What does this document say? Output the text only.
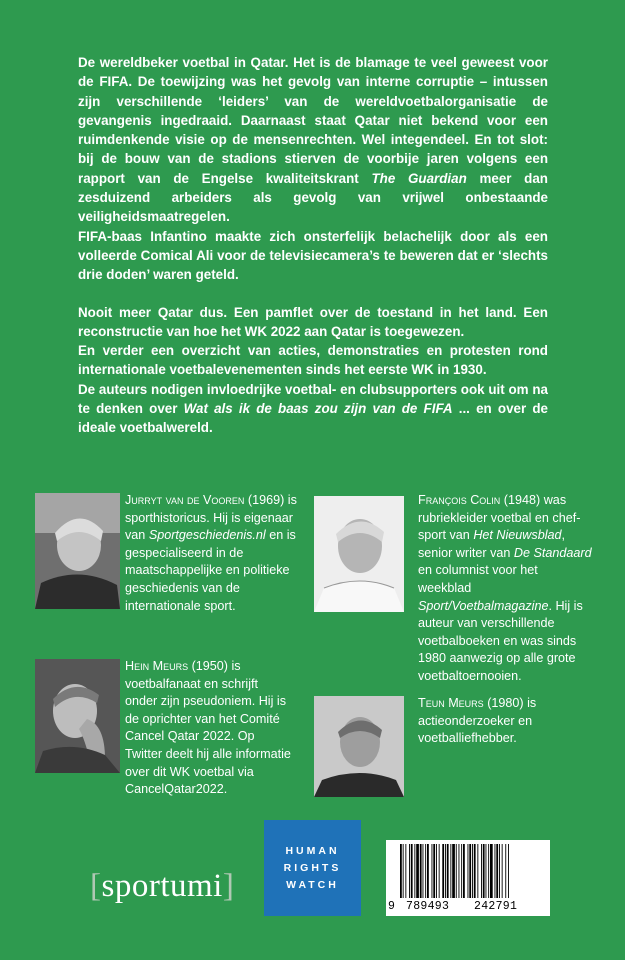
De wereldbeker voetbal in Qatar. Het is de blamage te veel geweest voor de FIFA. De toewijzing was het gevolg van interne corruptie – intussen zijn verschillende ‘leiders’ van de wereldvoetbalorganisatie de gevangenis ingedraaid. Daarnaast staat Qatar niet bekend voor een ruimdenkende visie op de mensenrechten. Wel integendeel. En tot slot: bij de bouw van de stadions stierven de voorbije jaren volgens een rapport van de Engelse kwaliteitskrant The Guardian meer dan zesduizend arbeiders als gevolg van vrijwel onbestaande veiligheidsmaatregelen.

FIFA-baas Infantino maakte zich onsterfelijk belachelijk door als een volleerde Comical Ali voor de televisiecamera’s te beweren dat er ‘slechts drie doden’ waren geteld.

Nooit meer Qatar dus. Een pamflet over de toestand in het land. Een reconstructie van hoe het WK 2022 aan Qatar is toegewezen.

En verder een overzicht van acties, demonstraties en protesten rond internationale voetbalevenementen sinds het eerste WK in 1930.

De auteurs nodigen invloedrijke voetbal- en clubsupporters ook uit om na te denken over Wat als ik de baas zou zijn van de FIFA ... en over de ideale voetbalwereld.

Jurryt van de Vooren (1969) is sporthistoricus. Hij is eigenaar van Sportgeschiedenis.nl en is gespecialiseerd in de maatschappelijke en politieke geschiedenis van de internationale sport.
Hein Meurs (1950) is voetbalfanaat en schrijft onder zijn pseudoniem. Hij is de oprichter van het Comité Cancel Qatar 2022. Op Twitter deelt hij alle informatie over dit WK voetbal via CancelQatar2022.
François Colin (1948) was rubriekleider voetbal en chef-sport van Het Nieuwsblad, senior writer van De Standaard en columnist voor het weekblad Sport/Voetbalmagazine. Hij is auteur van verschillende voetbalboeken en was sinds 1980 aanwezig op alle grote voetbaltoernooien.
Teun Meurs (1980) is actieonderzoeker en voetballiefhebber.
[sportumi]
HUMAN
RIGHTS
WATCH
9 789493 242791
